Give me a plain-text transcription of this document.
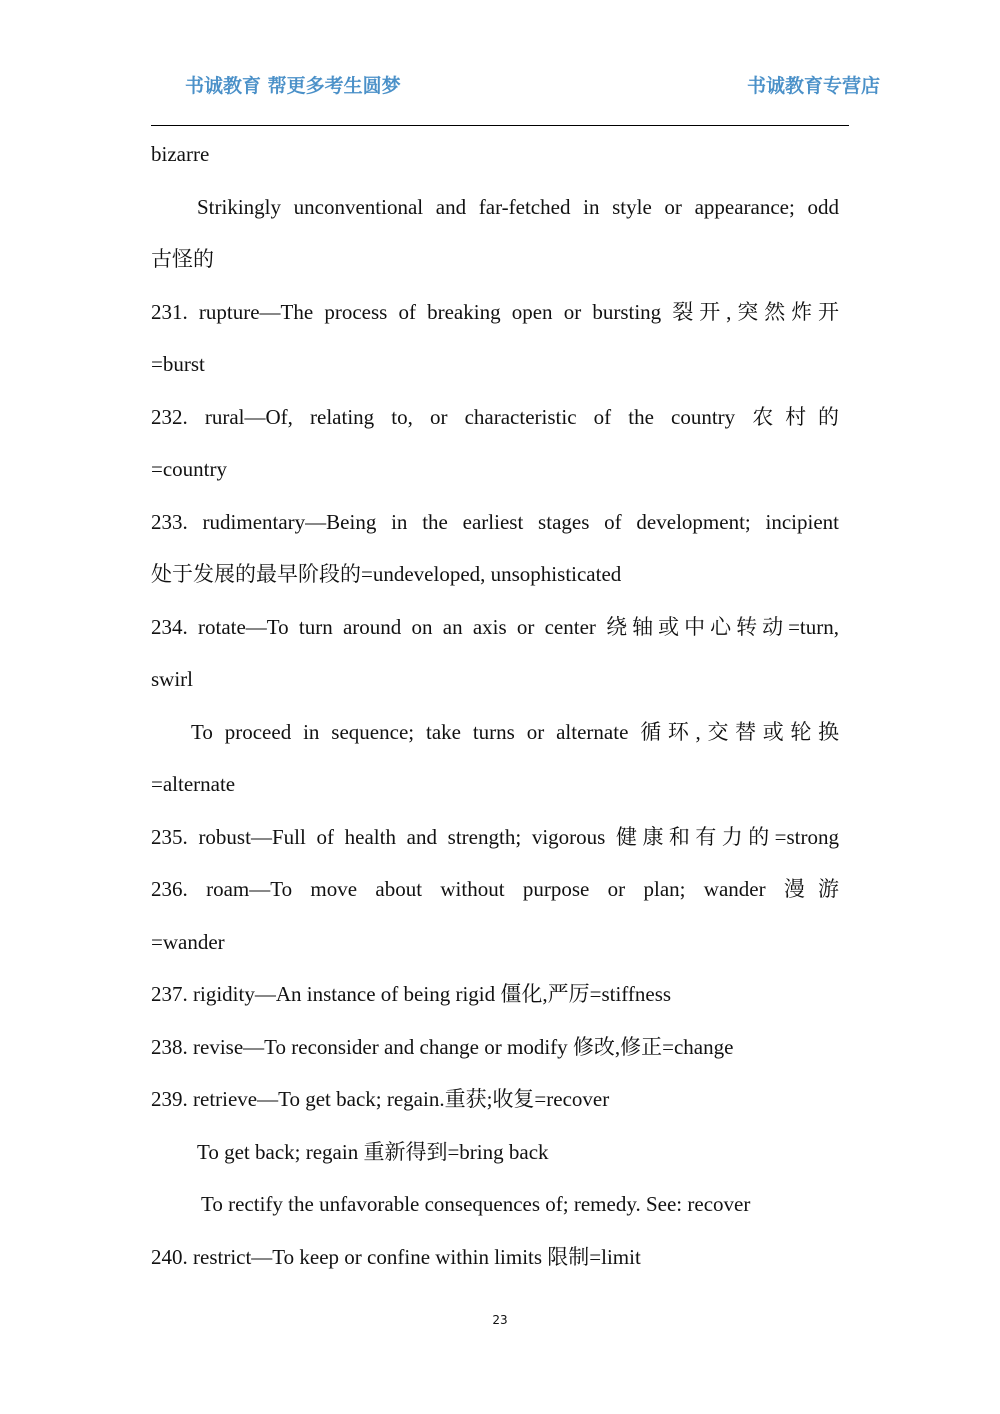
书诚教育 帮更多考生圆梦	书诚教育专营店
bizarre
Strikingly unconventional and far-fetched in style or appearance; odd
古怪的
231. rupture—The process of breaking open or bursting 裂开,突然炸开
=burst
232. rural—Of, relating to, or characteristic of the country 农村的
=country
233. rudimentary—Being in the earliest stages of development; incipient
处于发展的最早阶段的=undeveloped, unsophisticated
234. rotate—To turn around on an axis or center 绕轴或中心转动=turn,
swirl
To proceed in sequence; take turns or alternate 循环,交替或轮换
=alternate
235. robust—Full of health and strength; vigorous 健康和有力的=strong
236. roam—To move about without purpose or plan; wander 漫游
=wander
237. rigidity—An instance of being rigid 僵化,严厉=stiffness
238. revise—To reconsider and change or modify 修改,修正=change
239. retrieve—To get back; regain.重获;收复=recover
To get back; regain 重新得到=bring back
To rectify the unfavorable consequences of; remedy. See: recover
240. restrict—To keep or confine within limits 限制=limit
23
